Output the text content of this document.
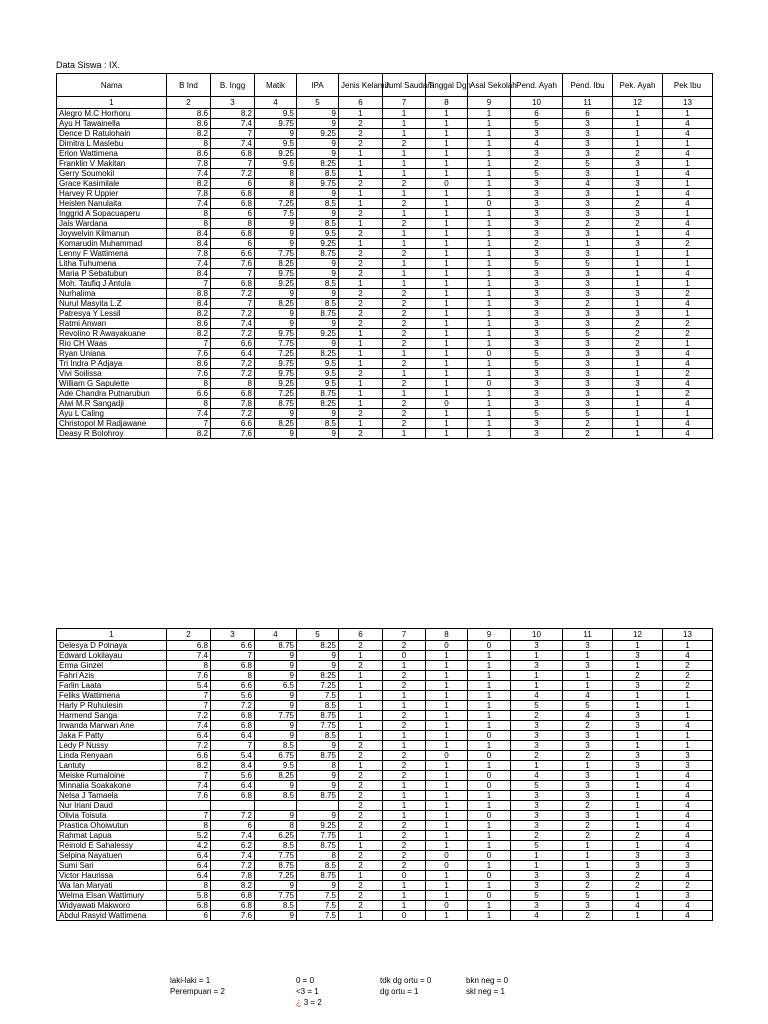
Data Siswa : IX.
Nama	B Ind	B. Ingg	Matik	IPA	Jenis Kelamin	Juml Saudara	Tinggal Dgn	Asal Sekolah	Pend. Ayah	Pend. Ibu	Pek. Ayah	Pek Ibu
1	2	3	4	5	6	7	8	9	10	11	12	13
Alegro M.C Horhoru	8.6	8.2	9.5	9	1	1	1	1	6	6	1	1
Ayu H Tawainella	8.6	7.4	9.75	9	2	1	1	1	5	3	1	4
Dence D Ratulohain	8.2	7	9	9.25	2	1	1	1	3	3	1	4
Dimitra L Maslebu	8	7.4	9.5	9	2	2	1	1	4	3	1	1
Erlon Wattimena	8.6	6.8	9.25	9	1	1	1	1	3	3	2	4
Franklin V Makitan	7.8	7	9.5	8.25	1	1	1	1	2	5	3	1
Gerry Soumokil	7.4	7.2	8	8.5	1	1	1	1	5	3	1	4
Grace Kasimilale	8.2	6	8	9.75	2	2	0	1	3	4	3	1
Harvey R Uppier	7.8	6.8	8	9	1	1	1	1	3	3	1	4
Heislen Nanulaita	7.4	6.8	7.25	8.5	1	2	1	0	3	3	2	4
Inggrid A Sopacuaperu	8	6	7.5	9	2	1	1	1	3	3	3	1
Jais Wardana	8	8	9	8.5	1	2	1	1	3	2	2	4
Joywelvin Kilmanun	8.4	6.8	9	9.5	2	1	1	1	3	3	1	4
Komarudin Muhammad	8.4	6	9	9.25	1	1	1	1	2	1	3	2
Lenny F Wattimena	7.8	6.6	7.75	8.75	2	2	1	1	3	3	1	1
Litha Tuhumena	7.4	7.6	8.25	9	2	1	1	1	5	5	1	1
Maria P Sebatubun	8.4	7	9.75	9	2	1	1	1	3	3	1	4
Moh. Taufiq J Antula	7	6.8	9.25	8.5	1	1	1	1	3	3	1	1
Nurhalima	8.8	7.2	9	9	2	2	1	1	3	3	3	2
Nurul Masyita L.Z	8.4	7	8.25	8.5	2	2	1	1	3	2	1	4
Patresya Y Lessil	8.2	7.2	9	8.75	2	2	1	1	3	3	3	1
Ratmi Anwan	8.6	7.4	9	9	2	2	1	1	3	3	2	2
Revolino R Awayakuane	8.2	7.2	9.75	9.25	1	2	1	1	3	5	2	2
Rio CH Waas	7	6.6	7.75	9	1	2	1	1	3	3	2	1
Ryan Uniana	7.6	6.4	7.25	8.25	1	1	1	0	5	3	3	4
Tri Indra P Adjaya	8.6	7.2	9.75	9.5	1	2	1	1	5	3	1	4
Vivi Soilissa	7.6	7.2	9.75	9.5	2	1	1	1	3	3	1	2
William G Sapulette	8	8	9.25	9.5	1	2	1	0	3	3	3	4
Ade Chandra Putnarubun	6.6	6.8	7.25	8.75	1	1	1	1	3	3	1	2
Alwi M.R Sangadji	8	7.8	8.75	8.25	1	2	0	1	3	3	1	4
Ayu L Caling	7.4	7.2	9	9	2	2	1	1	5	5	1	1
Christopol M Radjawane	7	6.6	8.25	8.5	1	2	1	1	3	2	1	4
Deasy R Bolohroy	8.2	7.6	9	9	2	1	1	1	3	2	1	4
1	2	3	4	5	6	7	8	9	10	11	12	13
Delesya D Polnaya	6.8	6.6	8.75	8.25	2	2	0	0	3	3	1	1
Edward Lokilayau	7.4	7	9	9	1	0	1	1	1	1	3	4
Erma Ginzel	8	6.8	9	9	2	1	1	1	3	3	1	2
Fahri Azis	7.6	8	9	8.25	1	2	1	1	1	1	2	2
Farlin Laata	5.4	6.6	6.5	7.25	1	2	1	1	1	1	3	2
Feliks Wattimena	7	5.6	9	7.5	1	1	1	1	4	4	1	1
Harly P Ruhulesin	7	7.2	9	8.5	1	1	1	1	5	5	1	1
Harmend Sanga	7.2	6.8	7.75	8.75	1	2	1	1	2	4	3	1
Irwanda Marwan Ane	7.4	6.8	9	7.75	1	2	1	1	3	2	3	4
Jaka F Patty	6.4	6.4	9	8.5	1	1	1	0	3	3	1	1
Ledy P Nussy	7.2	7	8.5	9	2	1	1	1	3	3	1	1
Linda Renyaan	6.6	5.4	6.75	8.75	2	2	0	0	2	2	3	3
Lantuty	8.2	8.4	9.5	8	1	2	1	1	1	1	3	3
Meiske Rumaloine	7	5.6	8.25	9	2	2	1	0	4	3	1	4
Minnalia Soakakone	7.4	6.4	9	9	2	1	1	0	5	3	1	4
Nelsa J Tamaela	7.6	6.8	8.5	8.75	2	1	1	1	3	3	1	4
Nur Iriani Daud					2	1	1	1	3	2	1	4
Olivia Toisuta	7	7.2	9	9	2	1	1	0	3	3	1	4
Prastica Ohoiwutun	8	6	8	9.25	2	2	1	1	3	2	1	4
Rahmat Lapua	5.2	7.4	6.25	7.75	1	2	1	1	2	2	2	4
Reinold E Sahalessy	4.2	6.2	8.5	8.75	1	2	1	1	5	1	1	4
Selpina Nayatuen	6.4	7.4	7.75	8	2	2	0	0	1	1	3	3
Sumi Sari	6.4	7.2	8.75	8.5	2	2	0	1	1	1	3	3
Victor Haurissa	6.4	7.8	7.25	8.75	1	0	1	0	3	3	2	4
Wa Ian Maryati	8	8.2	9	9	2	1	1	1	3	2	2	2
Welma Elsan Wattimury	5.8	6.8	7.75	7.5	2	1	1	0	5	5	1	3
Widyawati Makworo	6.8	6.8	8.5	7.5	2	1	0	1	3	3	4	4
Abdul Rasyid Wattimena	6	7.6	9	7.5	1	0	1	1	4	2	1	4
laki-laki = 1
Perempuan = 2
0 = 0
<3 = 1
¿ 3 = 2
tdk dg ortu = 0
dg ortu = 1
bkn neg = 0
skl neg = 1
